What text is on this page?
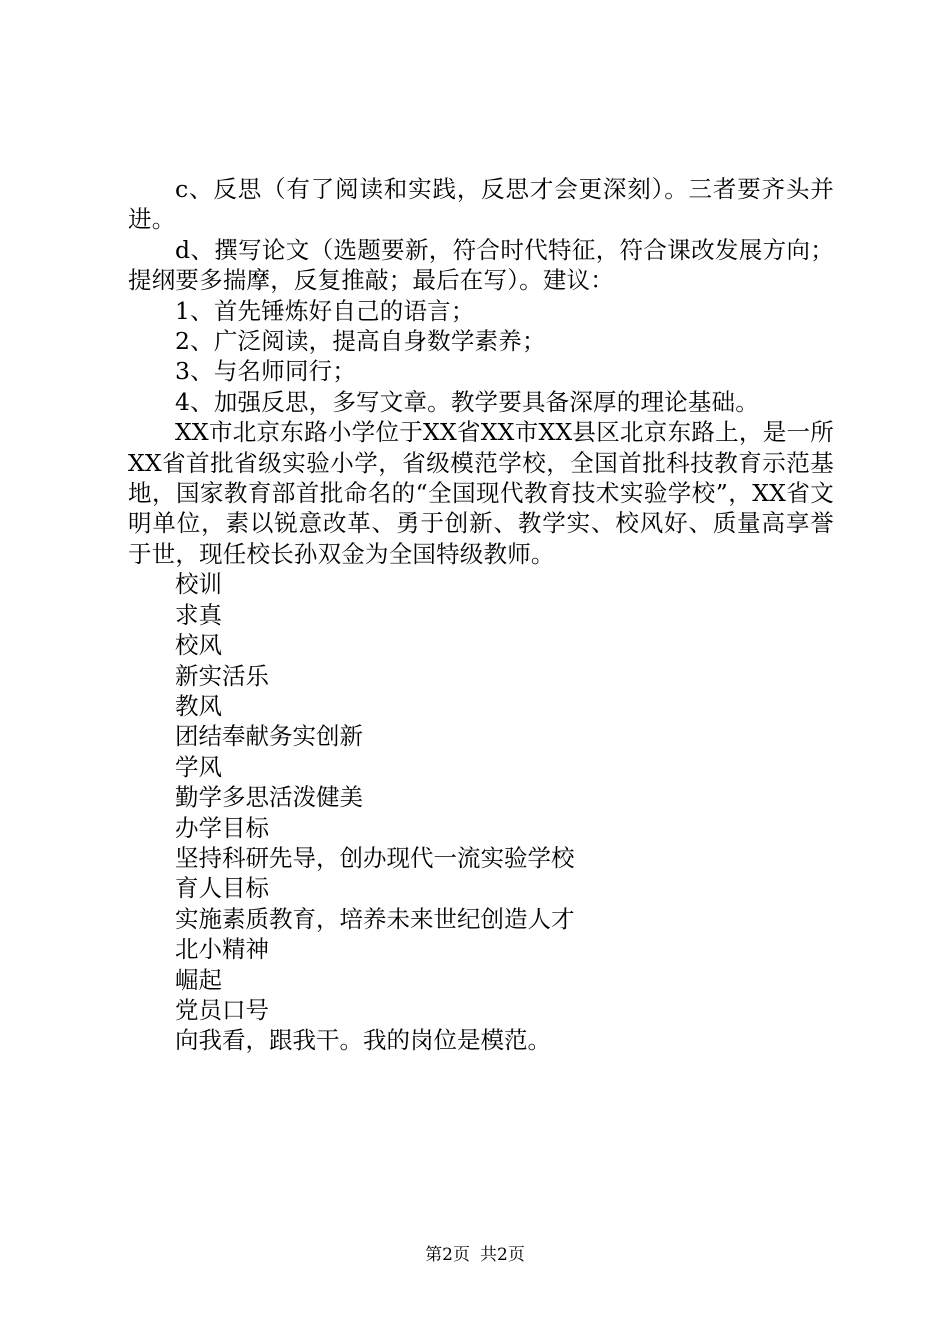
c、反思（有了阅读和实践，反思才会更深刻）。三者要齐头并进。

d、撰写论文（选题要新，符合时代特征，符合课改发展方向；提纲要多揣摩，反复推敲；最后在写）。建议：

1、首先锤炼好自己的语言；

2、广泛阅读，提高自身数学素养；

3、与名师同行；

4、加强反思，多写文章。教学要具备深厚的理论基础。

XX市北京东路小学位于XX省XX市XX县区北京东路上，是一所XX省首批省级实验小学，省级模范学校，全国首批科技教育示范基地，国家教育部首批命名的“全国现代教育技术实验学校”，XX省文明单位，素以锐意改革、勇于创新、教学实、校风好、质量高享誉于世，现任校长孙双金为全国特级教师。

校训

求真

校风

新实活乐

教风

团结奉献务实创新

学风

勤学多思活泼健美

办学目标

坚持科研先导，创办现代一流实验学校

育人目标

实施素质教育，培养未来世纪创造人才

北小精神

崛起

党员口号

向我看，跟我干。我的岗位是模范。

第2页 共2页
